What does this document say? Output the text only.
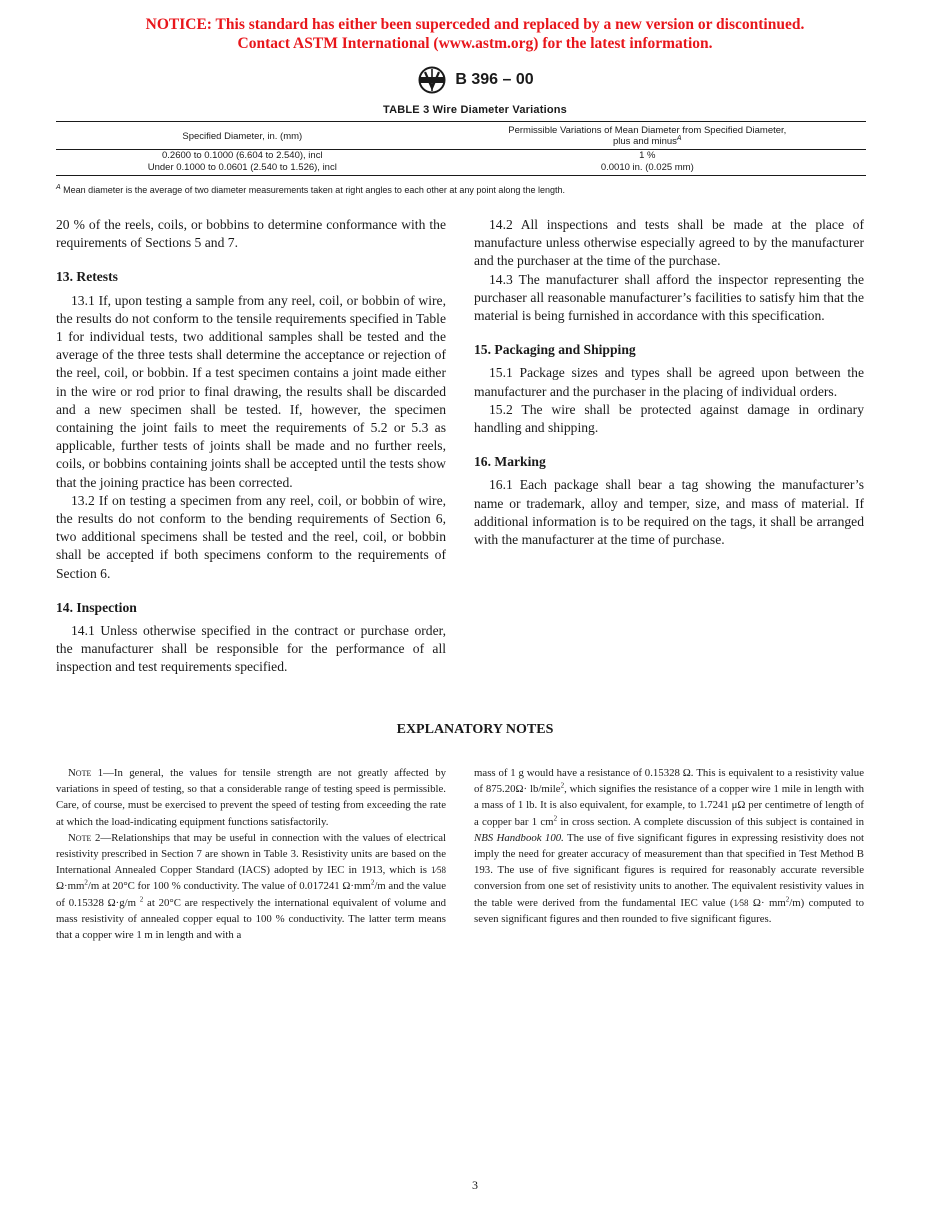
NOTICE: This standard has either been superceded and replaced by a new version or discontinued.
Contact ASTM International (www.astm.org) for the latest information.
B 396 – 00
TABLE 3 Wire Diameter Variations
Specified Diameter, in. (mm)	Permissible Variations of Mean Diameter from Specified Diameter,
plus and minus$^A$
0.2600 to 0.1000 (6.604 to 2.540), incl	1 %
Under 0.1000 to 0.0601 (2.540 to 1.526), incl	0.0010 in. (0.025 mm)
$^A$ Mean diameter is the average of two diameter measurements taken at right angles to each other at any point along the length.

20 % of the reels, coils, or bobbins to determine conformance with the requirements of Sections 5 and 7.

13. Retests

13.1 If, upon testing a sample from any reel, coil, or bobbin of wire, the results do not conform to the tensile requirements specified in Table 1 for individual tests, two additional samples shall be tested and the average of the three tests shall determine the acceptance or rejection of the reel, coil, or bobbin. If a test specimen contains a joint made either in the wire or rod prior to final drawing, the results shall be discarded and a new specimen shall be tested. If, however, the specimen containing the joint fails to meet the requirements of 5.2 or 5.3 as applicable, further tests of joints shall be made and no further reels, coils, or bobbins containing joints shall be accepted until the tests show that the joining practice has been corrected.

13.2 If on testing a specimen from any reel, coil, or bobbin of wire, the results do not conform to the bending requirements of Section 6, two additional specimens shall be tested and the reel, coil, or bobbin shall be accepted if both specimens conform to the requirements of Section 6.

14. Inspection

14.1 Unless otherwise specified in the contract or purchase order, the manufacturer shall be responsible for the performance of all inspection and test requirements specified.

14.2 All inspections and tests shall be made at the place of manufacture unless otherwise especially agreed to by the manufacturer and the purchaser at the time of the purchase.

14.3 The manufacturer shall afford the inspector representing the purchaser all reasonable manufacturer’s facilities to satisfy him that the material is being furnished in accordance with this specification.

15. Packaging and Shipping

15.1 Package sizes and types shall be agreed upon between the manufacturer and the purchaser in the placing of individual orders.

15.2 The wire shall be protected against damage in ordinary handling and shipping.

16. Marking

16.1 Each package shall bear a tag showing the manufacturer’s name or trademark, alloy and temper, size, and mass of material. If additional information is to be required on the tags, it shall be arranged with the manufacturer at the time of purchase.

EXPLANATORY NOTES

Note 1—In general, the values for tensile strength are not greatly affected by variations in speed of testing, so that a considerable range of testing speed is permissible. Care, of course, must be exercised to prevent the speed of testing from exceeding the rate at which the load-indicating equipment functions satisfactorily.

Note 2—Relationships that may be useful in connection with the values of electrical resistivity prescribed in Section 7 are shown in Table 3. Resistivity units are based on the International Annealed Copper Standard (IACS) adopted by IEC in 1913, which is 1⁄58 $\Omega\cdot mm^2/m$ at 20°C for 100 % conductivity. The value of 0.017241 $\Omega\cdot mm^2/m$ and the value of 0.15328 Ω·g/m $^2$ at 20°C are respectively the international equivalent of volume and mass resistivity of annealed copper equal to 100 % conductivity. The latter term means that a copper wire 1 m in length and with a

mass of 1 g would have a resistance of 0.15328 Ω. This is equivalent to a resistivity value of 875.20Ω· lb/mile$^2$, which signifies the resistance of a copper wire 1 mile in length with a mass of 1 lb. It is also equivalent, for example, to 1.7241 μΩ per centimetre of length of a copper bar 1 $cm^2$ in cross section. A complete discussion of this subject is contained in NBS Handbook 100. The use of five significant figures in expressing resistivity does not imply the need for greater accuracy of measurement than that specified in Test Method B 193. The use of five significant figures is required for reasonably accurate reversible conversion from one set of resistivity units to another. The equivalent resistivity values in the table were derived from the fundamental IEC value (1⁄58 $\Omega\cdot mm^2/m$) computed to seven significant figures and then rounded to five significant figures.

3
